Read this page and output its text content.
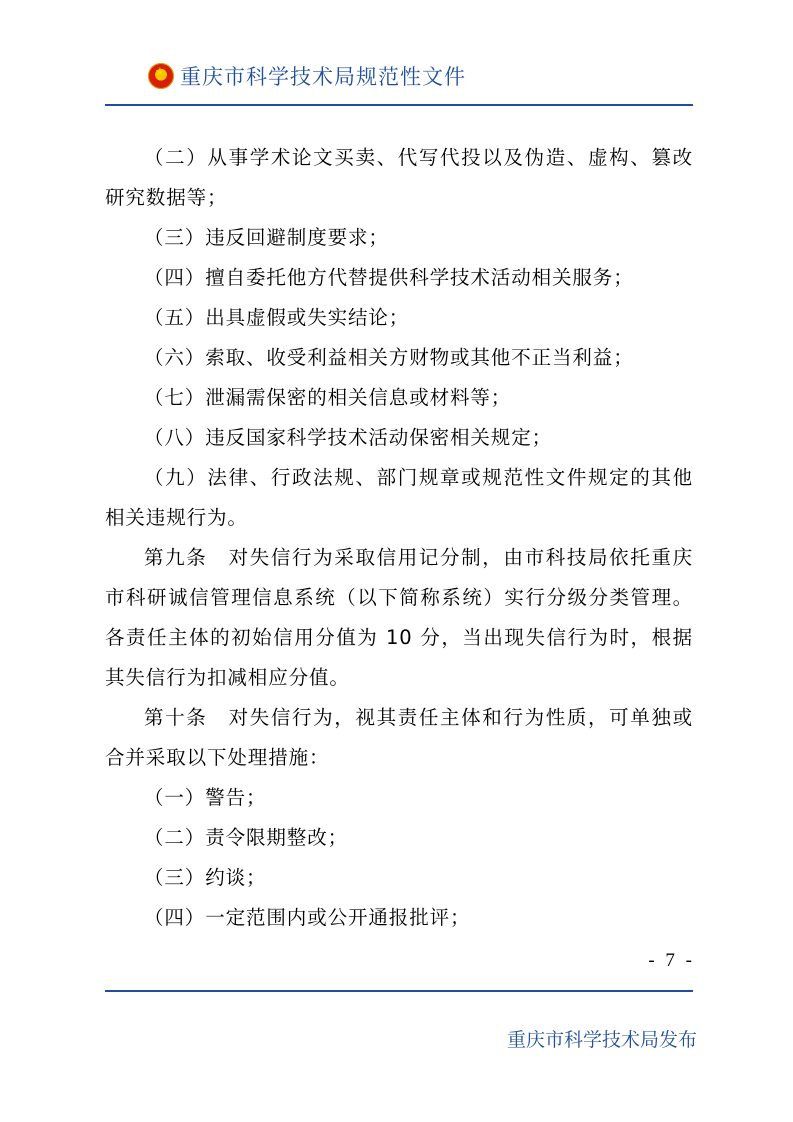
★
重庆市科学技术局规范性文件

（二）从事学术论文买卖、代写代投以及伪造、虚构、篡改研究数据等；

（三）违反回避制度要求；

（四）擅自委托他方代替提供科学技术活动相关服务；

（五）出具虚假或失实结论；

（六）索取、收受利益相关方财物或其他不正当利益；

（七）泄漏需保密的相关信息或材料等；

（八）违反国家科学技术活动保密相关规定；

（九）法律、行政法规、部门规章或规范性文件规定的其他相关违规行为。

第九条　对失信行为采取信用记分制，由市科技局依托重庆市科研诚信管理信息系统（以下简称系统）实行分级分类管理。各责任主体的初始信用分值为 10 分，当出现失信行为时，根据其失信行为扣减相应分值。

第十条　对失信行为，视其责任主体和行为性质，可单独或合并采取以下处理措施：

（一）警告；

（二）责令限期整改；

（三）约谈；

（四）一定范围内或公开通报批评；

- 7 -
重庆市科学技术局发布
